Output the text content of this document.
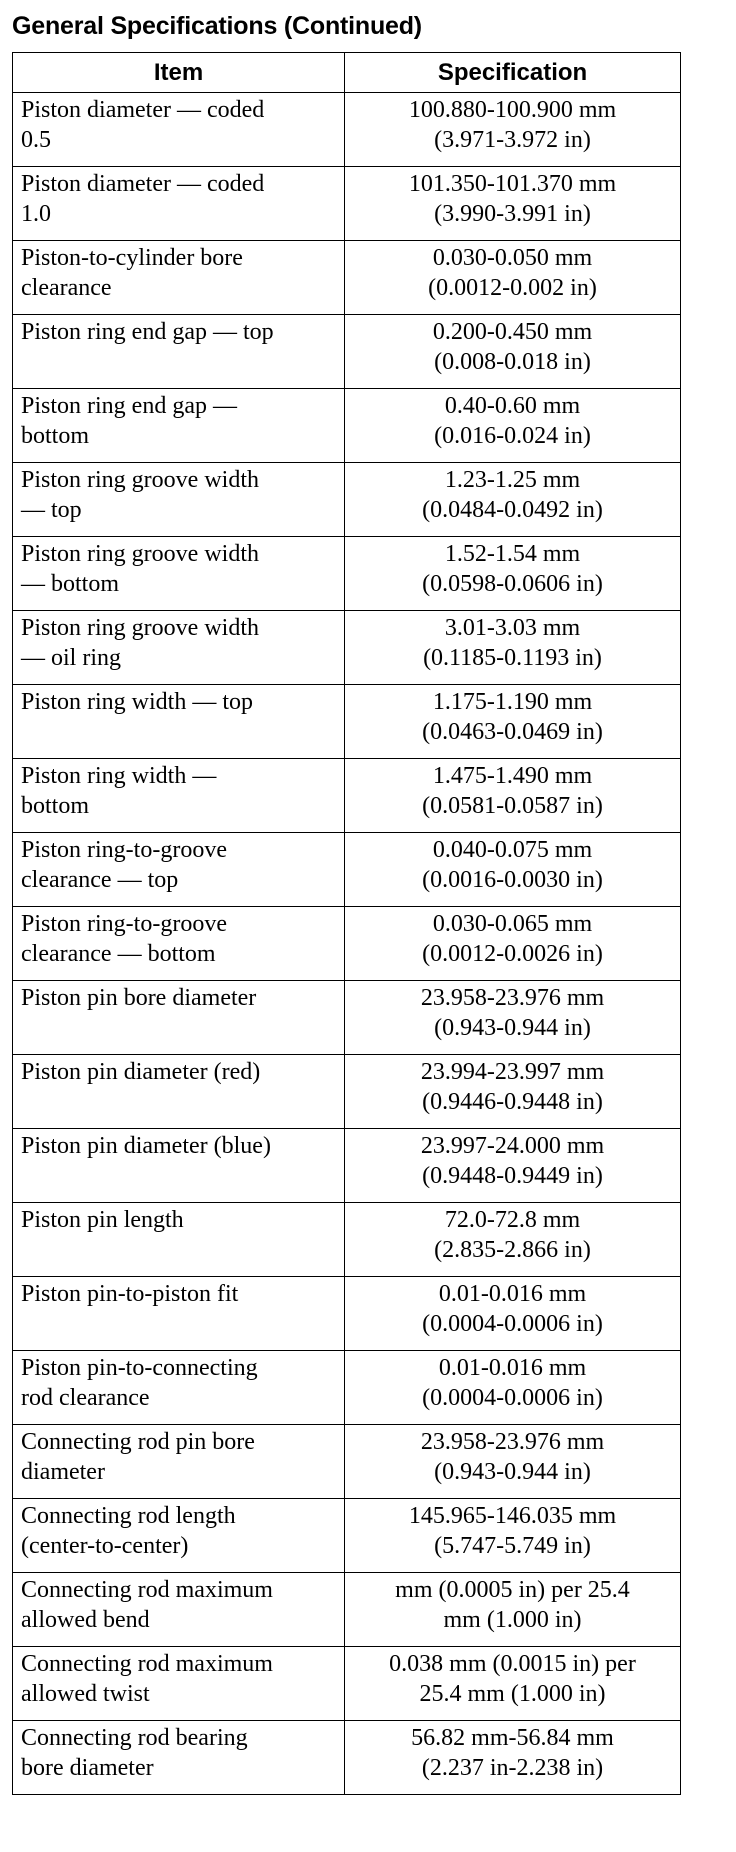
General Specifications (Continued)
Item	Specification

Piston diameter — coded
0.5	100.880-100.900 mm
(3.971-3.972 in)

Piston diameter — coded
1.0	101.350-101.370 mm
(3.990-3.991 in)

Piston-to-cylinder bore
clearance	0.030-0.050 mm
(0.0012-0.002 in)

Piston ring end gap — top	0.200-0.450 mm
(0.008-0.018 in)

Piston ring end gap —
bottom	0.40-0.60 mm
(0.016-0.024 in)

Piston ring groove width
— top	1.23-1.25 mm
(0.0484-0.0492 in)

Piston ring groove width
— bottom	1.52-1.54 mm
(0.0598-0.0606 in)

Piston ring groove width
— oil ring	3.01-3.03 mm
(0.1185-0.1193 in)

Piston ring width — top	1.175-1.190 mm
(0.0463-0.0469 in)

Piston ring width —
bottom	1.475-1.490 mm
(0.0581-0.0587 in)

Piston ring-to-groove
clearance — top	0.040-0.075 mm
(0.0016-0.0030 in)

Piston ring-to-groove
clearance — bottom	0.030-0.065 mm
(0.0012-0.0026 in)

Piston pin bore diameter	23.958-23.976 mm
(0.943-0.944 in)

Piston pin diameter (red)	23.994-23.997 mm
(0.9446-0.9448 in)

Piston pin diameter (blue)	23.997-24.000 mm
(0.9448-0.9449 in)

Piston pin length	72.0-72.8 mm
(2.835-2.866 in)

Piston pin-to-piston fit	0.01-0.016 mm
(0.0004-0.0006 in)

Piston pin-to-connecting
rod clearance	0.01-0.016 mm
(0.0004-0.0006 in)

Connecting rod pin bore
diameter	23.958-23.976 mm
(0.943-0.944 in)

Connecting rod length
(center-to-center)	145.965-146.035 mm
(5.747-5.749 in)

Connecting rod maximum
allowed bend	mm (0.0005 in) per 25.4
mm (1.000 in)

Connecting rod maximum
allowed twist	0.038 mm (0.0015 in) per
25.4 mm (1.000 in)

Connecting rod bearing
bore diameter	56.82 mm-56.84 mm
(2.237 in-2.238 in)
